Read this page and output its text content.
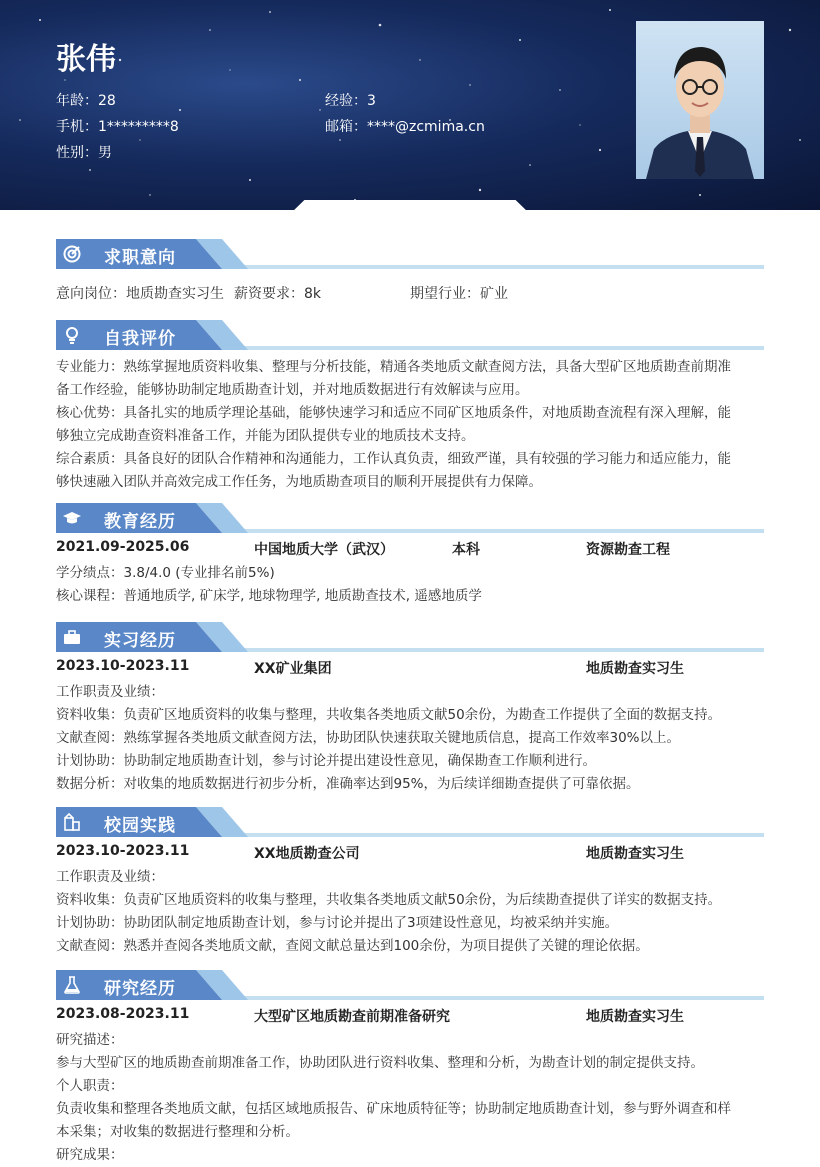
张伟
年龄：28	经验：3
手机：1*********8	邮箱：****@zcmima.cn
性别：男
求职意向
意向岗位：地质勘查实习生 薪资要求：8k	期望行业：矿业
自我评价
专业能力：熟练掌握地质资料收集、整理与分析技能，精通各类地质文献查阅方法，具备大型矿区地质勘查前期准
备工作经验，能够协助制定地质勘查计划，并对地质数据进行有效解读与应用。
核心优势：具备扎实的地质学理论基础，能够快速学习和适应不同矿区地质条件，对地质勘查流程有深入理解，能
够独立完成勘查资料准备工作，并能为团队提供专业的地质技术支持。
综合素质：具备良好的团队合作精神和沟通能力，工作认真负责，细致严谨，具有较强的学习能力和适应能力，能
够快速融入团队并高效完成工作任务，为地质勘查项目的顺利开展提供有力保障。
教育经历
2021.09-2025.06	中国地质大学（武汉）	本科	资源勘查工程
学分绩点：3.8/4.0 (专业排名前5%)
核心课程：普通地质学, 矿床学, 地球物理学, 地质勘查技术, 遥感地质学
实习经历
2023.10-2023.11	XX矿业集团	地质勘查实习生
工作职责及业绩：
资料收集：负责矿区地质资料的收集与整理，共收集各类地质文献50余份，为勘查工作提供了全面的数据支持。
文献查阅：熟练掌握各类地质文献查阅方法，协助团队快速获取关键地质信息，提高工作效率30%以上。
计划协助：协助制定地质勘查计划，参与讨论并提出建设性意见，确保勘查工作顺利进行。
数据分析：对收集的地质数据进行初步分析，准确率达到95%，为后续详细勘查提供了可靠依据。
校园实践
2023.10-2023.11	XX地质勘查公司	地质勘查实习生
工作职责及业绩：
资料收集：负责矿区地质资料的收集与整理，共收集各类地质文献50余份，为后续勘查提供了详实的数据支持。
计划协助：协助团队制定地质勘查计划，参与讨论并提出了3项建设性意见，均被采纳并实施。
文献查阅：熟悉并查阅各类地质文献，查阅文献总量达到100余份，为项目提供了关键的理论依据。
研究经历
2023.08-2023.11	大型矿区地质勘查前期准备研究	地质勘查实习生
研究描述：
参与大型矿区的地质勘查前期准备工作，协助团队进行资料收集、整理和分析，为勘查计划的制定提供支持。
个人职责：
负责收集和整理各类地质文献，包括区域地质报告、矿床地质特征等；协助制定地质勘查计划，参与野外调查和样
本采集；对收集的数据进行整理和分析。
研究成果：
